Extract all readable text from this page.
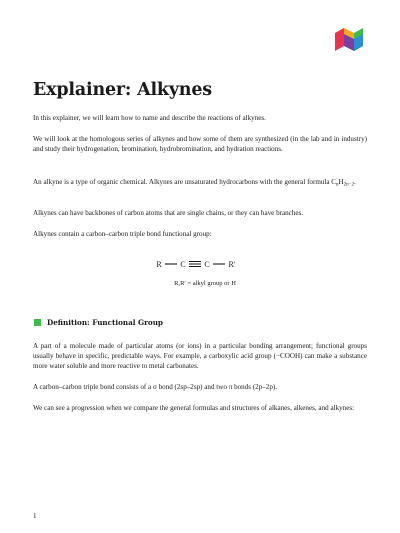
Explainer: Alkynes

In this explainer, we will learn how to name and describe the reactions of alkynes.

We will look at the homologous series of alkynes and how some of them are synthesized (in the lab and in industry) and study their hydrogenation, bromination, hydrobromination, and hydration reactions.

An alkyne is a type of organic chemical. Alkynes are unsaturated hydrocarbons with the general formula $C_nH_{2n-2}$.

Alkynes can have backbones of carbon atoms that are single chains, or they can have branches.

Alkynes contain a carbon–carbon triple bond functional group:

R C C R′
R,R′ = alkyl group or H
Definition: Functional Group

A part of a molecule made of particular atoms (or ions) in a particular bonding arrangement; functional groups usually behave in specific, predictable ways. For example, a carboxylic acid group (−COOH) can make a substance more water soluble and more reactive to metal carbonates.

A carbon–carbon triple bond consists of a σ bond (2sp–2sp) and two π bonds (2p–2p).

We can see a progression when we compare the general formulas and structures of alkanes, alkenes, and alkynes:

1
